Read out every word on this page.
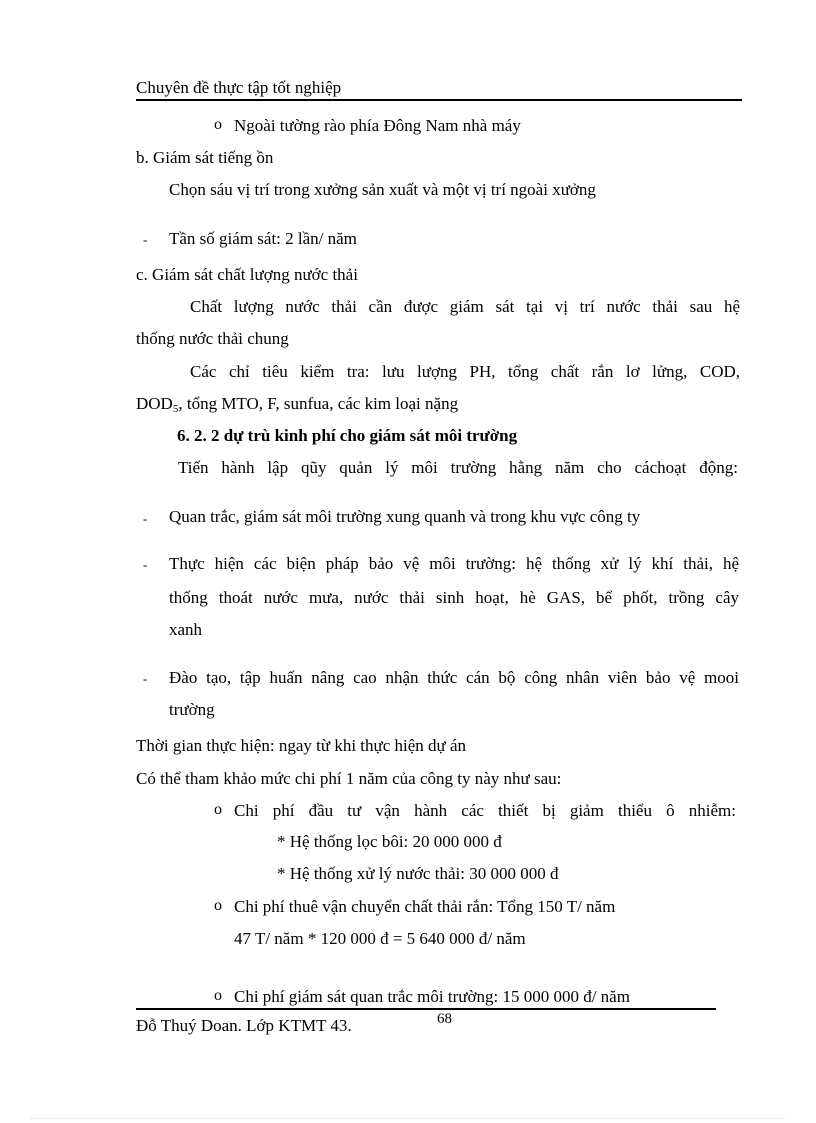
Chuyên đề thực tập tốt nghiệp
o Ngoài tường rào phía Đông Nam nhà máy
b. Giám sát tiếng ồn
Chọn sáu vị trí trong xưởng sản xuất và một vị trí ngoài xưởng
- Tần số giám sát: 2 lần/ năm
c. Giám sát chất lượng nước thải
Chất lượng nước thải cần được giám sát tại vị trí nước thải sau hệ
thống nước thải chung
Các chỉ tiêu kiểm tra: lưu lượng PH, tổng chất rắn lơ lửng, COD,
$DOD_5$, tổng MTO, F, sunfua, các kim loại nặng
6. 2. 2 dự trù kinh phí cho giám sát môi trường
Tiến hành lập qũy quản lý môi trường hằng năm cho cáchoạt động:
- Quan trắc, giám sát môi trường xung quanh và trong khu vực công ty
- Thực hiện các biện pháp bảo vệ môi trường: hệ thống xử lý khí thải, hệ
thống thoát nước mưa, nước thải sinh hoạt, hè GAS, bể phốt, trồng cây
xanh
- Đào tạo, tập huấn nâng cao nhận thức cán bộ công nhân viên bảo vệ mooi
trường
Thời gian thực hiện: ngay từ khi thực hiện dự án
Có thể tham khảo mức chi phí 1 năm của công ty này như sau:
o Chi phí đầu tư vận hành các thiết bị giảm thiểu ô nhiễm:
* Hệ thống lọc bôi: 20 000 000 đ
* Hệ thống xử lý nước thải: 30 000 000 đ
o Chi phí thuê vận chuyển chất thải rắn: Tổng 150 T/ năm
47 T/ năm * 120 000 đ = 5 640 000 đ/ năm
o Chi phí giám sát quan trắc môi trường: 15 000 000 đ/ năm
Đỗ Thuý Doan. Lớp KTMT 43.	68
